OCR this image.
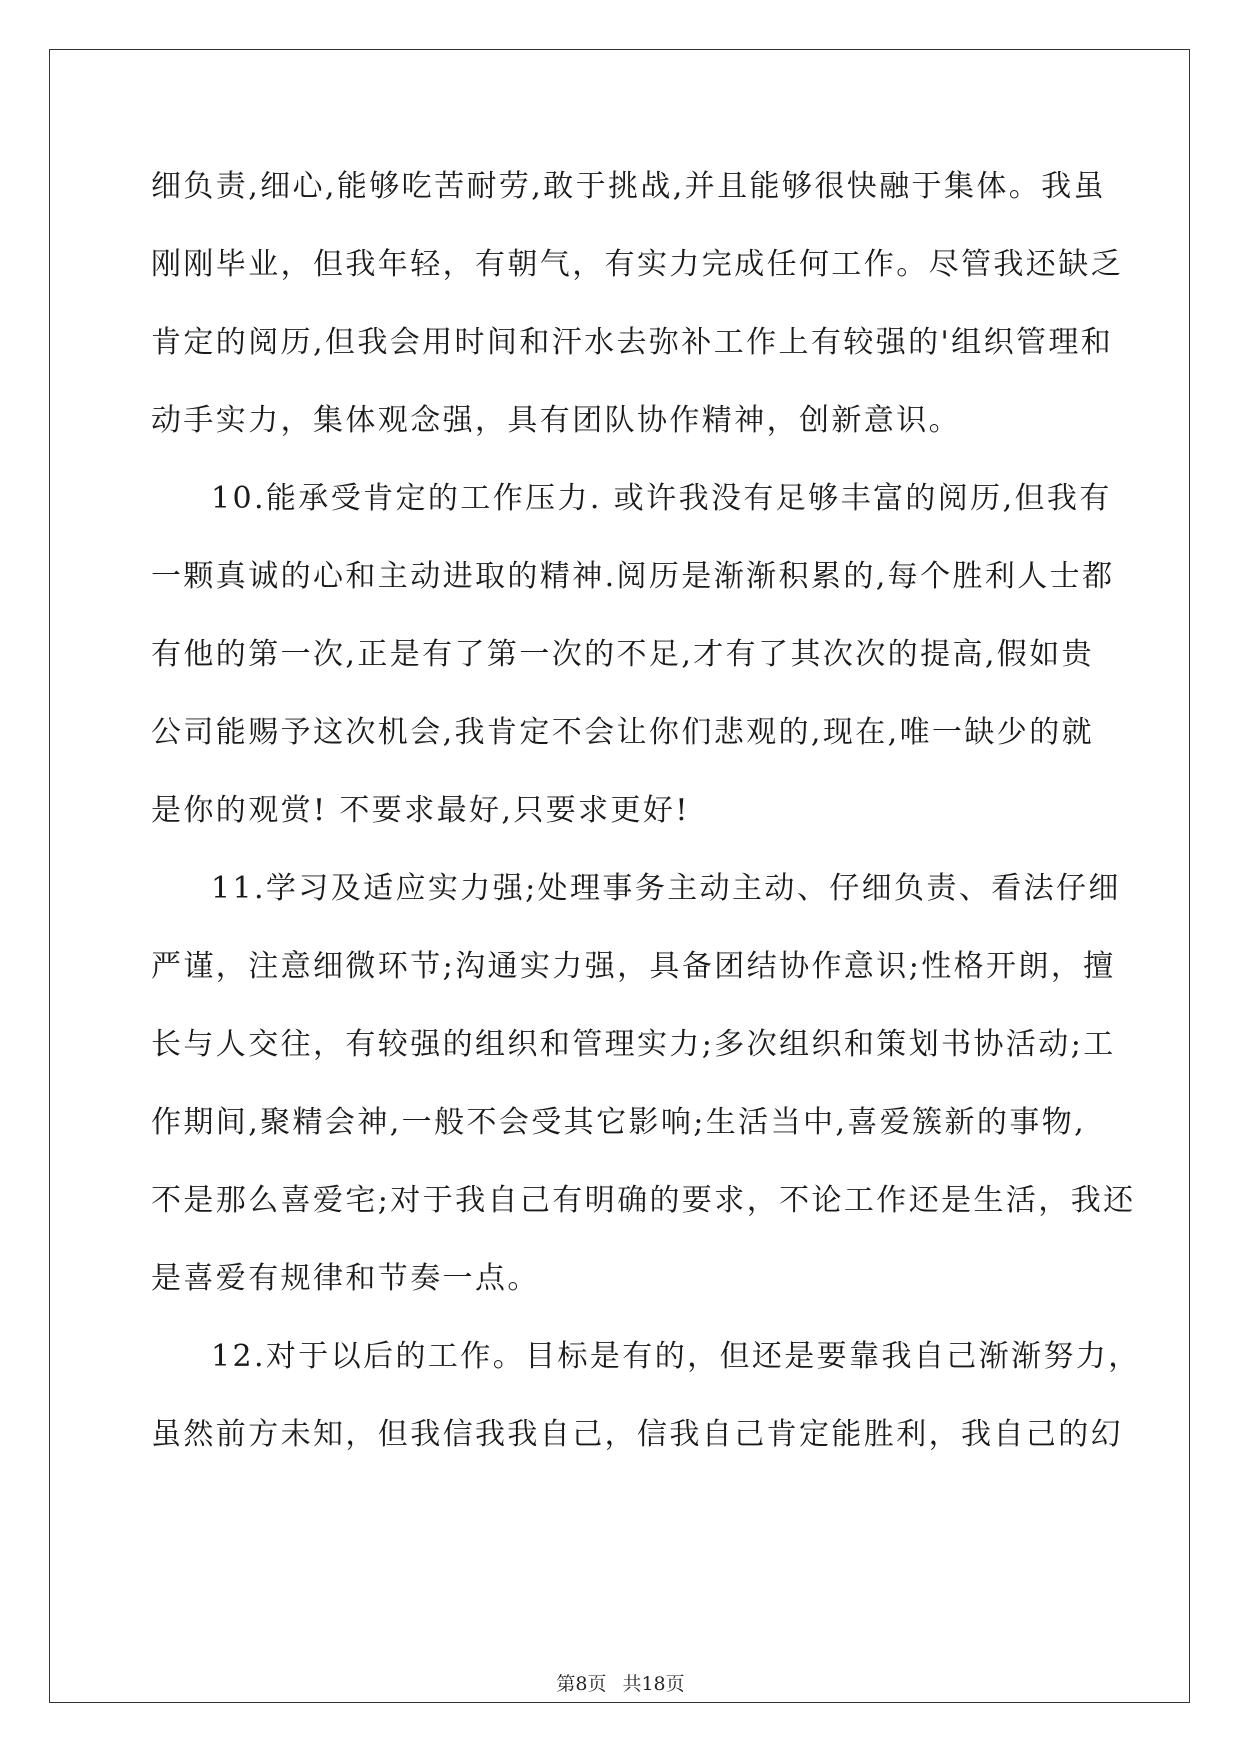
细负责,细心,能够吃苦耐劳,敢于挑战,并且能够很快融于集体。我虽
刚刚毕业，但我年轻，有朝气，有实力完成任何工作。尽管我还缺乏
肯定的阅历,但我会用时间和汗水去弥补工作上有较强的'组织管理和
动手实力，集体观念强，具有团队协作精神，创新意识。
10.能承受肯定的工作压力. 或许我没有足够丰富的阅历,但我有
一颗真诚的心和主动进取的精神.阅历是渐渐积累的,每个胜利人士都
有他的第一次,正是有了第一次的不足,才有了其次次的提高,假如贵
公司能赐予这次机会,我肯定不会让你们悲观的,现在,唯一缺少的就
是你的观赏! 不要求最好,只要求更好!
11.学习及适应实力强;处理事务主动主动、仔细负责、看法仔细
严谨，注意细微环节;沟通实力强，具备团结协作意识;性格开朗，擅
长与人交往，有较强的组织和管理实力;多次组织和策划书协活动;工
作期间,聚精会神,一般不会受其它影响;生活当中,喜爱簇新的事物,
不是那么喜爱宅;对于我自己有明确的要求，不论工作还是生活，我还
是喜爱有规律和节奏一点。
12.对于以后的工作。目标是有的，但还是要靠我自己渐渐努力，
虽然前方未知，但我信我我自己，信我自己肯定能胜利，我自己的幻
第8页 共18页
